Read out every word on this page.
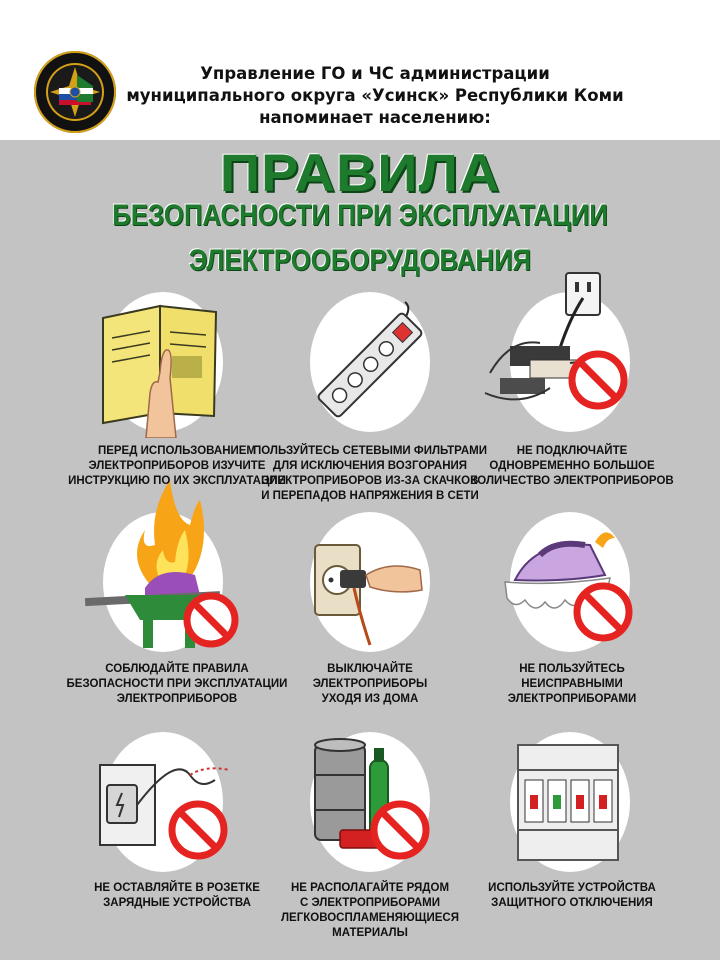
Управление ГО и ЧС администрации
муниципального округа «Усинск» Республики Коми
напоминает населению:
ПРАВИЛА
БЕЗОПАСНОСТИ ПРИ ЭКСПЛУАТАЦИИ
ЭЛЕКТРООБОРУДОВАНИЯ
ПЕРЕД ИСПОЛЬЗОВАНИЕМ
ЭЛЕКТРОПРИБОРОВ ИЗУЧИТЕ
ИНСТРУКЦИЮ ПО ИХ ЭКСПЛУАТАЦИИ
ПОЛЬЗУЙТЕСЬ СЕТЕВЫМИ ФИЛЬТРАМИ
ДЛЯ ИСКЛЮЧЕНИЯ ВОЗГОРАНИЯ
ЭЛЕКТРОПРИБОРОВ ИЗ-ЗА СКАЧКОВ
И ПЕРЕПАДОВ НАПРЯЖЕНИЯ В СЕТИ
НЕ ПОДКЛЮЧАЙТЕ
ОДНОВРЕМЕННО БОЛЬШОЕ
КОЛИЧЕСТВО ЭЛЕКТРОПРИБОРОВ
СОБЛЮДАЙТЕ ПРАВИЛА
БЕЗОПАСНОСТИ ПРИ ЭКСПЛУАТАЦИИ
ЭЛЕКТРОПРИБОРОВ
ВЫКЛЮЧАЙТЕ
ЭЛЕКТРОПРИБОРЫ
УХОДЯ ИЗ ДОМА
НЕ ПОЛЬЗУЙТЕСЬ
НЕИСПРАВНЫМИ
ЭЛЕКТРОПРИБОРАМИ
НЕ ОСТАВЛЯЙТЕ В РОЗЕТКЕ
ЗАРЯДНЫЕ УСТРОЙСТВА
НЕ РАСПОЛАГАЙТЕ РЯДОМ
С ЭЛЕКТРОПРИБОРАМИ
ЛЕГКОВОСПЛАМЕНЯЮЩИЕСЯ
МАТЕРИАЛЫ
ИСПОЛЬЗУЙТЕ УСТРОЙСТВА
ЗАЩИТНОГО ОТКЛЮЧЕНИЯ
